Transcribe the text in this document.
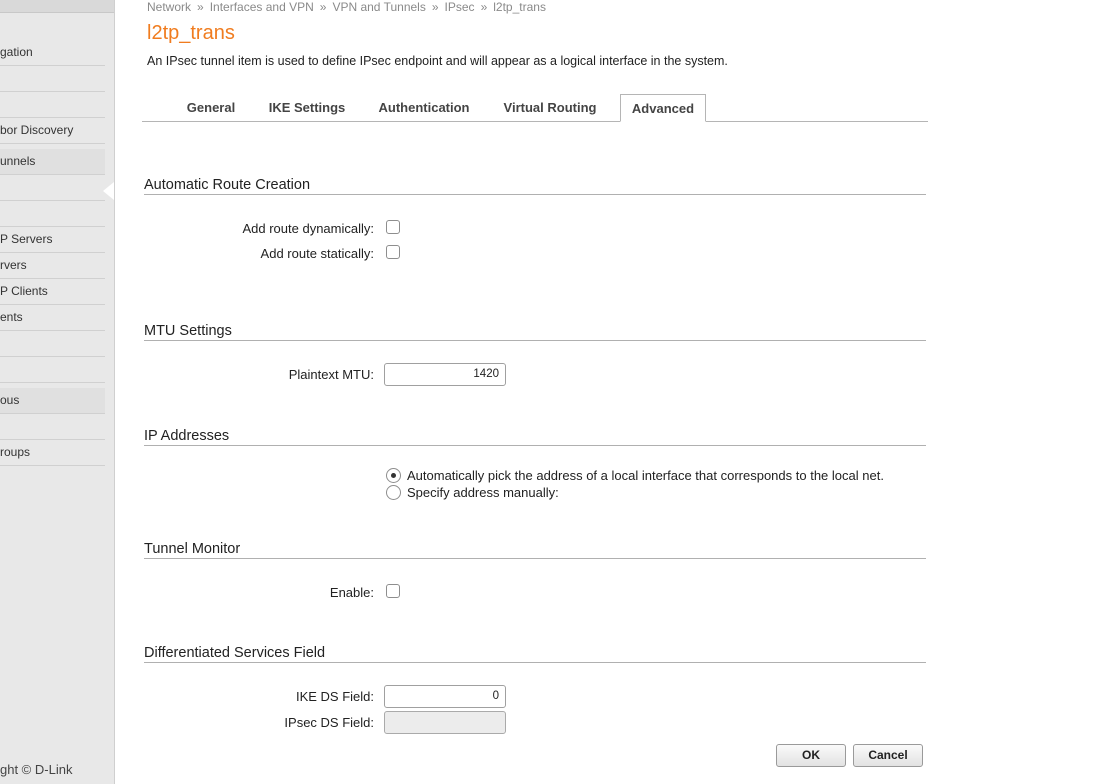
gation
bor Discovery
unnels
P Servers
rvers
P Clients
ents
ous
roups
ght © D-Link
Network » Interfaces and VPN » VPN and Tunnels » IPsec » l2tp_trans
l2tp_trans
An IPsec tunnel item is used to define IPsec endpoint and will appear as a logical interface in the system.
General	IKE Settings	Authentication	Virtual Routing	Advanced
Automatic Route Creation
Add route dynamically:
Add route statically:
MTU Settings
Plaintext MTU:	1420
IP Addresses
Automatically pick the address of a local interface that corresponds to the local net.
Specify address manually:
Tunnel Monitor
Enable:
Differentiated Services Field
IKE DS Field:	0
IPsec DS Field:
OK	Cancel
